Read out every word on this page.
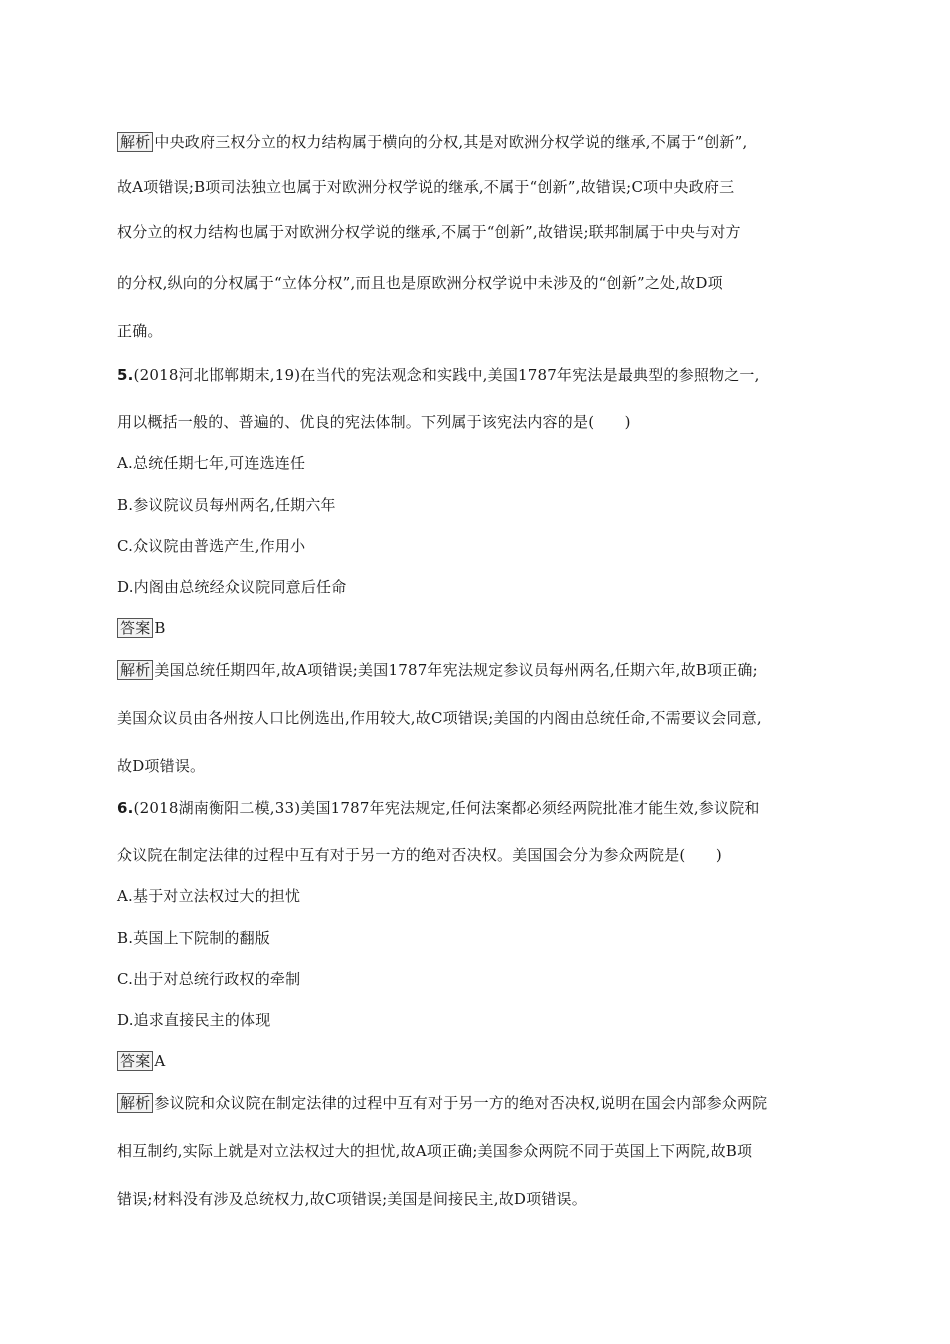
解析 中央政府三权分立的权力结构属于横向的分权,其是对欧洲分权学说的继承,不属于“创新”,
故A项错误;B项司法独立也属于对欧洲分权学说的继承,不属于“创新”,故错误;C项中央政府三
权分立的权力结构也属于对欧洲分权学说的继承,不属于“创新”,故错误;联邦制属于中央与对方
的分权,纵向的分权属于“立体分权”,而且也是原欧洲分权学说中未涉及的“创新”之处,故D项
正确。
5.(2018河北邯郸期末,19)在当代的宪法观念和实践中,美国1787年宪法是最典型的参照物之一,
用以概括一般的、普遍的、优良的宪法体制。下列属于该宪法内容的是(　　)
A.总统任期七年,可连选连任
B.参议院议员每州两名,任期六年
C.众议院由普选产生,作用小
D.内阁由总统经众议院同意后任命
答案 B
解析 美国总统任期四年,故A项错误;美国1787年宪法规定参议员每州两名,任期六年,故B项正确;
美国众议员由各州按人口比例选出,作用较大,故C项错误;美国的内阁由总统任命,不需要议会同意,
故D项错误。
6.(2018湖南衡阳二模,33)美国1787年宪法规定,任何法案都必须经两院批准才能生效,参议院和
众议院在制定法律的过程中互有对于另一方的绝对否决权。美国国会分为参众两院是(　　)
A.基于对立法权过大的担忧
B.英国上下院制的翻版
C.出于对总统行政权的牵制
D.追求直接民主的体现
答案 A
解析 参议院和众议院在制定法律的过程中互有对于另一方的绝对否决权,说明在国会内部参众两院
相互制约,实际上就是对立法权过大的担忧,故A项正确;美国参众两院不同于英国上下两院,故B项
错误;材料没有涉及总统权力,故C项错误;美国是间接民主,故D项错误。
